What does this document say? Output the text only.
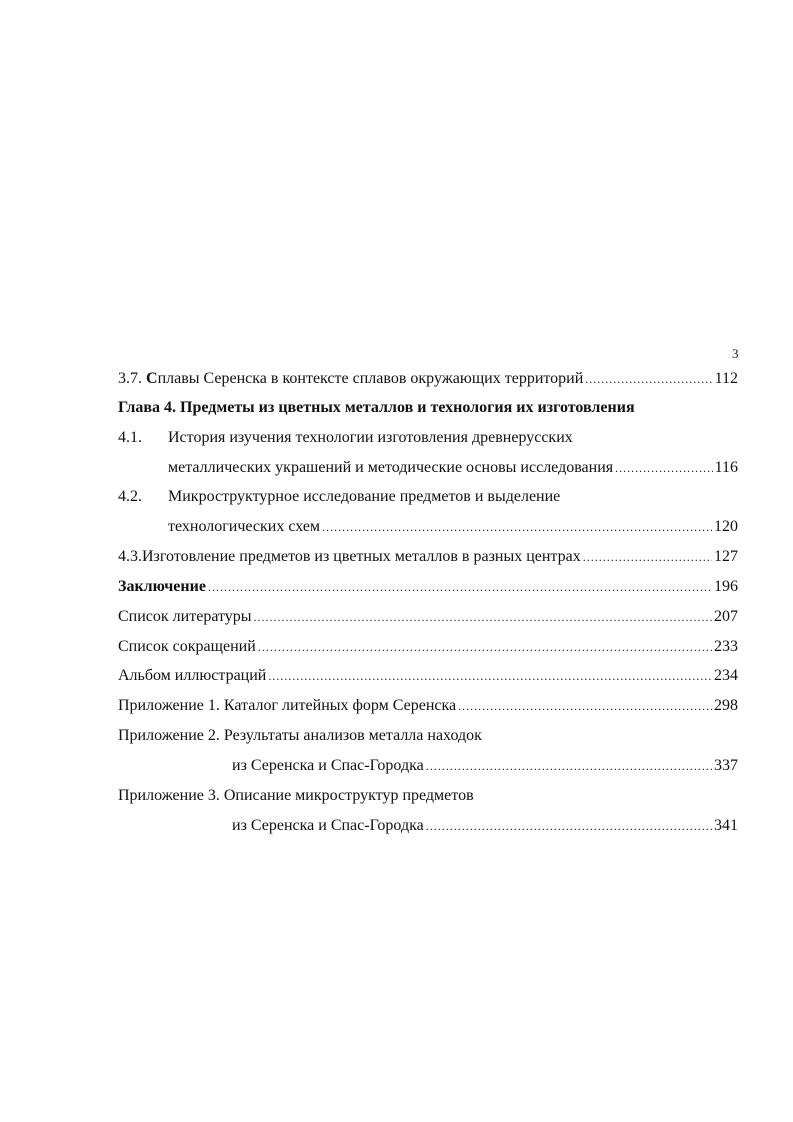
3
3.7. Сплавы Серенска в контексте сплавов окружающих территорий .....	112
Глава 4. Предметы из цветных металлов и технология их изготовления
4.1.	История изучения технологии изготовления древнерусских
металлических украшений и методические основы исследования .....	116
4.2.	Микроструктурное исследование предметов и выделение
технологических схем .....	120
4.3. Изготовление предметов из цветных металлов в разных центрах .....	127
Заключение .....	196
Список литературы .....	207
Список сокращений .....	233
Альбом иллюстраций .....	234
Приложение 1. Каталог литейных форм Серенска .....	298
Приложение 2. Результаты анализов металла находок
из Серенска и Спас-Городка .....	337
Приложение 3. Описание микроструктур предметов
из Серенска и Спас-Городка .....	341
